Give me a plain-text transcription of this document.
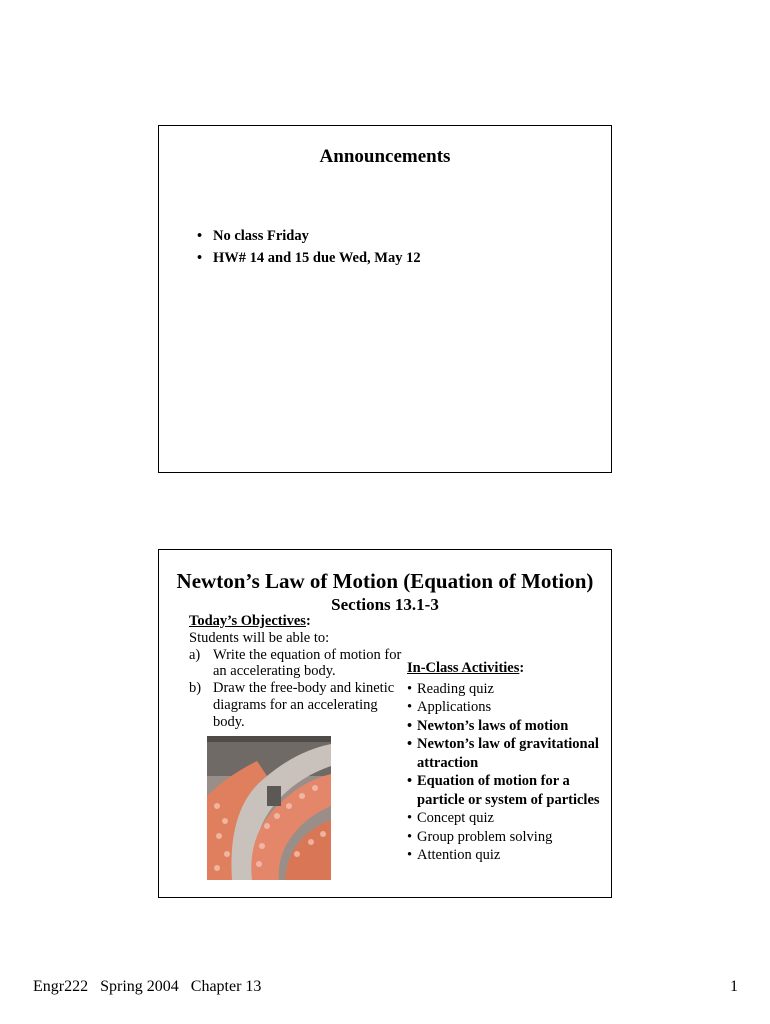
Announcements
• No class Friday
• HW# 14 and 15 due Wed, May 12
Newton’s Law of Motion (Equation of Motion)
Sections 13.1-3
Today’s Objectives:
Students will be able to:
a) Write the equation of motion for an accelerating body.
b) Draw the free-body and kinetic diagrams for an accelerating body.
In-Class Activities:
• Reading quiz
• Applications
• Newton’s laws of motion
• Newton’s law of gravitational attraction
• Equation of motion for a particle or system of particles
• Concept quiz
• Group problem solving
• Attention quiz
Engr222   Spring 2004   Chapter 13	1
